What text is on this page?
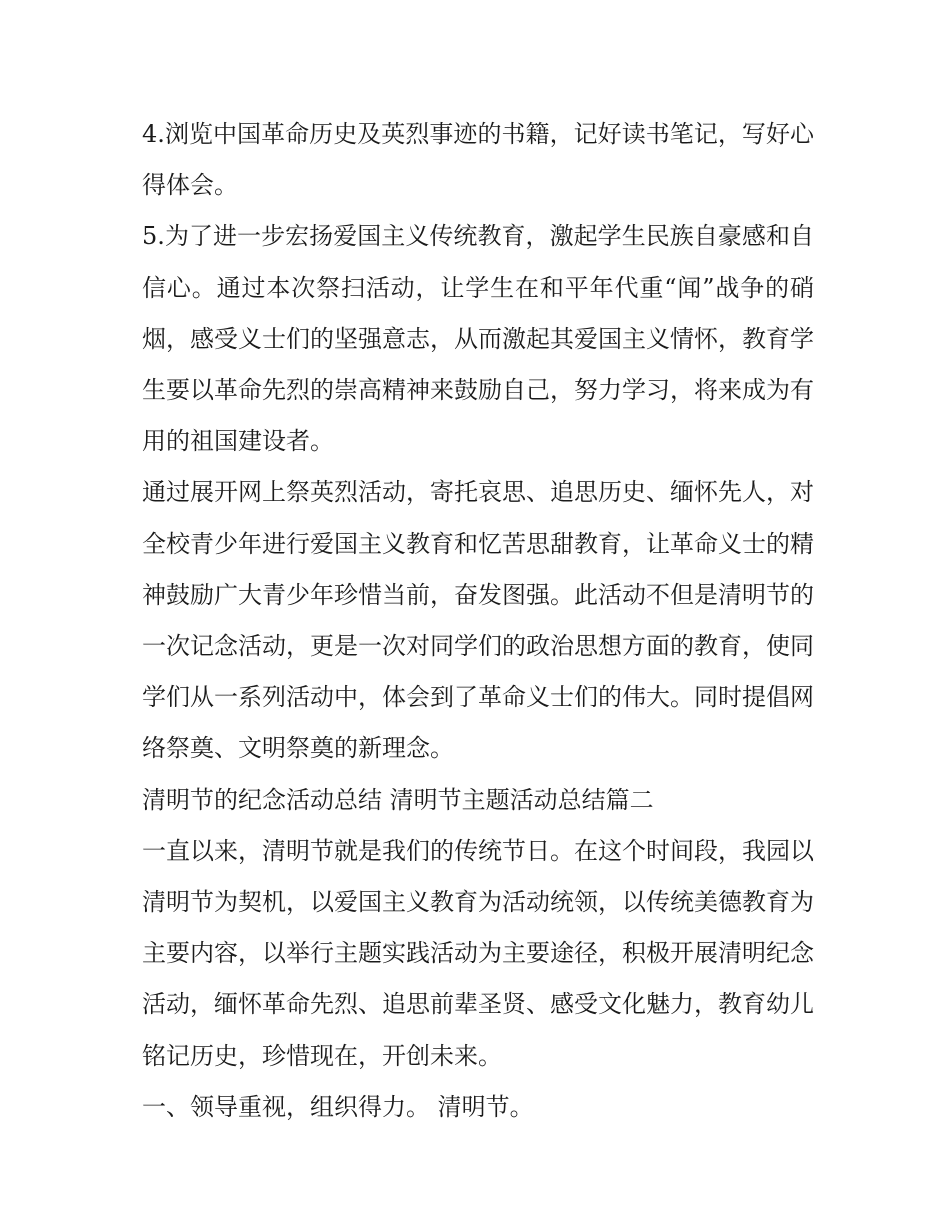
4.浏览中国革命历史及英烈事迹的书籍，记好读书笔记，写好心得体会。

5.为了进一步宏扬爱国主义传统教育，激起学生民族自豪感和自信心。通过本次祭扫活动，让学生在和平年代重“闻”战争的硝烟，感受义士们的坚强意志，从而激起其爱国主义情怀，教育学生要以革命先烈的崇高精神来鼓励自己，努力学习，将来成为有用的祖国建设者。

通过展开网上祭英烈活动，寄托哀思、追思历史、缅怀先人，对全校青少年进行爱国主义教育和忆苦思甜教育，让革命义士的精神鼓励广大青少年珍惜当前，奋发图强。此活动不但是清明节的一次记念活动，更是一次对同学们的政治思想方面的教育，使同学们从一系列活动中，体会到了革命义士们的伟大。同时提倡网络祭奠、文明祭奠的新理念。

清明节的纪念活动总结 清明节主题活动总结篇二

一直以来，清明节就是我们的传统节日。在这个时间段，我园以清明节为契机，以爱国主义教育为活动统领，以传统美德教育为主要内容，以举行主题实践活动为主要途径，积极开展清明纪念活动，缅怀革命先烈、追思前辈圣贤、感受文化魅力，教育幼儿铭记历史，珍惜现在，开创未来。

一、领导重视，组织得力。 清明节。
